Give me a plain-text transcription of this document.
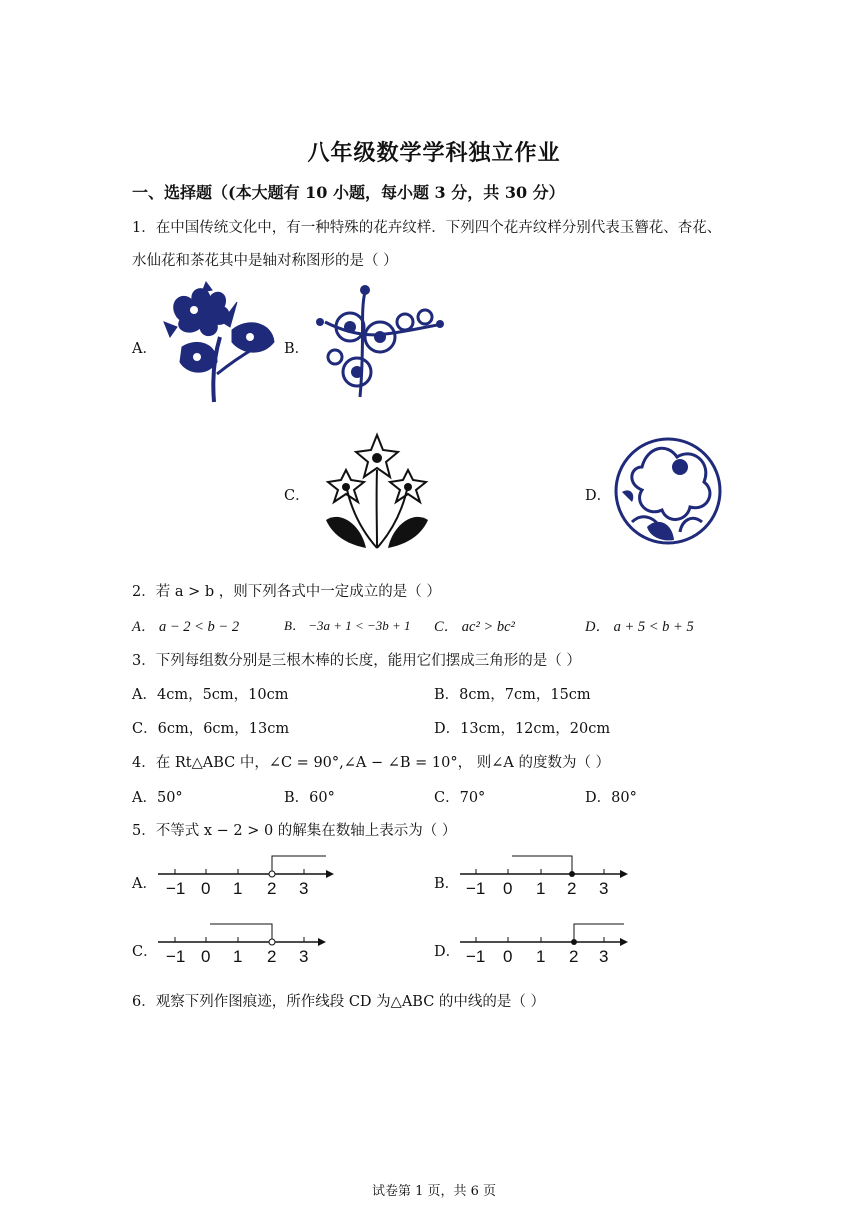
八年级数学学科独立作业
一、选择题（(本大题有 10 小题，每小题 3 分，共 30 分）
1．在中国传统文化中，有一种特殊的花卉纹样．下列四个花卉纹样分别代表玉簪花、杏花、
水仙花和茶花其中是轴对称图形的是（ ）
A．	B．
C．	D．
2．若 a > b ，则下列各式中一定成立的是（ ）
A． a − 2 < b − 2	B． −3a + 1 < −3b + 1 C． ac² > bc²	D． a + 5 < b + 5
3．下列每组数分别是三根木棒的长度，能用它们摆成三角形的是（ ）
A．4cm，5cm，10cm	B．8cm，7cm，15cm
C．6cm，6cm，13cm	D．13cm，12cm，20cm
4．在 Rt△ABC 中，∠C = 90°,∠A − ∠B = 10°， 则∠A 的度数为（ ）
A．50°	B．60°	C．70°	D．80°
5．不等式 x − 2 > 0 的解集在数轴上表示为（ ）
A． −1 0 1 2 3	B． −1 0 1 2 3
C． −1 0 1 2 3	D． −1 0 1 2 3
6．观察下列作图痕迹，所作线段 CD 为△ABC 的中线的是（ ）
试卷第 1 页，共 6 页
